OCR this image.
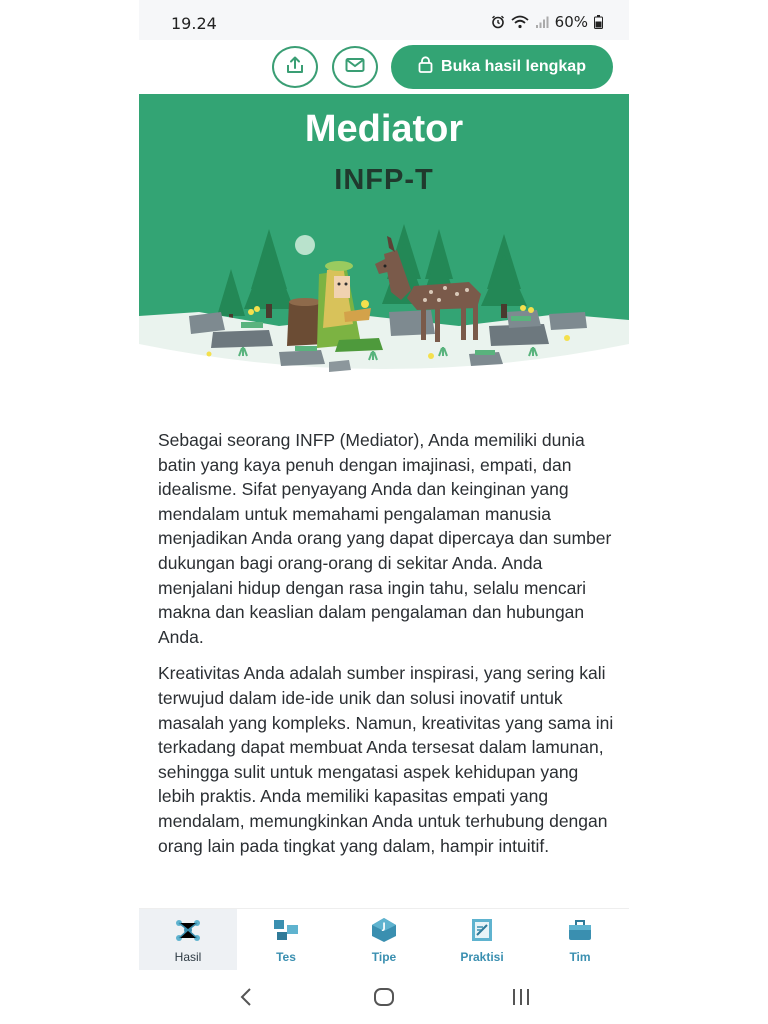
19.24	60%
Buka hasil lengkap
Mediator
INFP-T

Sebagai seorang INFP (Mediator), Anda memiliki dunia batin yang kaya penuh dengan imajinasi, empati, dan idealisme. Sifat penyayang Anda dan keinginan yang mendalam untuk memahami pengalaman manusia menjadikan Anda orang yang dapat dipercaya dan sumber dukungan bagi orang-orang di sekitar Anda. Anda menjalani hidup dengan rasa ingin tahu, selalu mencari makna dan keaslian dalam pengalaman dan hubungan Anda.

Kreativitas Anda adalah sumber inspirasi, yang sering kali terwujud dalam ide-ide unik dan solusi inovatif untuk masalah yang kompleks. Namun, kreativitas yang sama ini terkadang dapat membuat Anda tersesat dalam lamunan, sehingga sulit untuk mengatasi aspek kehidupan yang lebih praktis. Anda memiliki kapasitas empati yang mendalam, memungkinkan Anda untuk terhubung dengan orang lain pada tingkat yang dalam, hampir intuitif.

Hasil	Tes
J
Tipe	Praktisi	Tim
